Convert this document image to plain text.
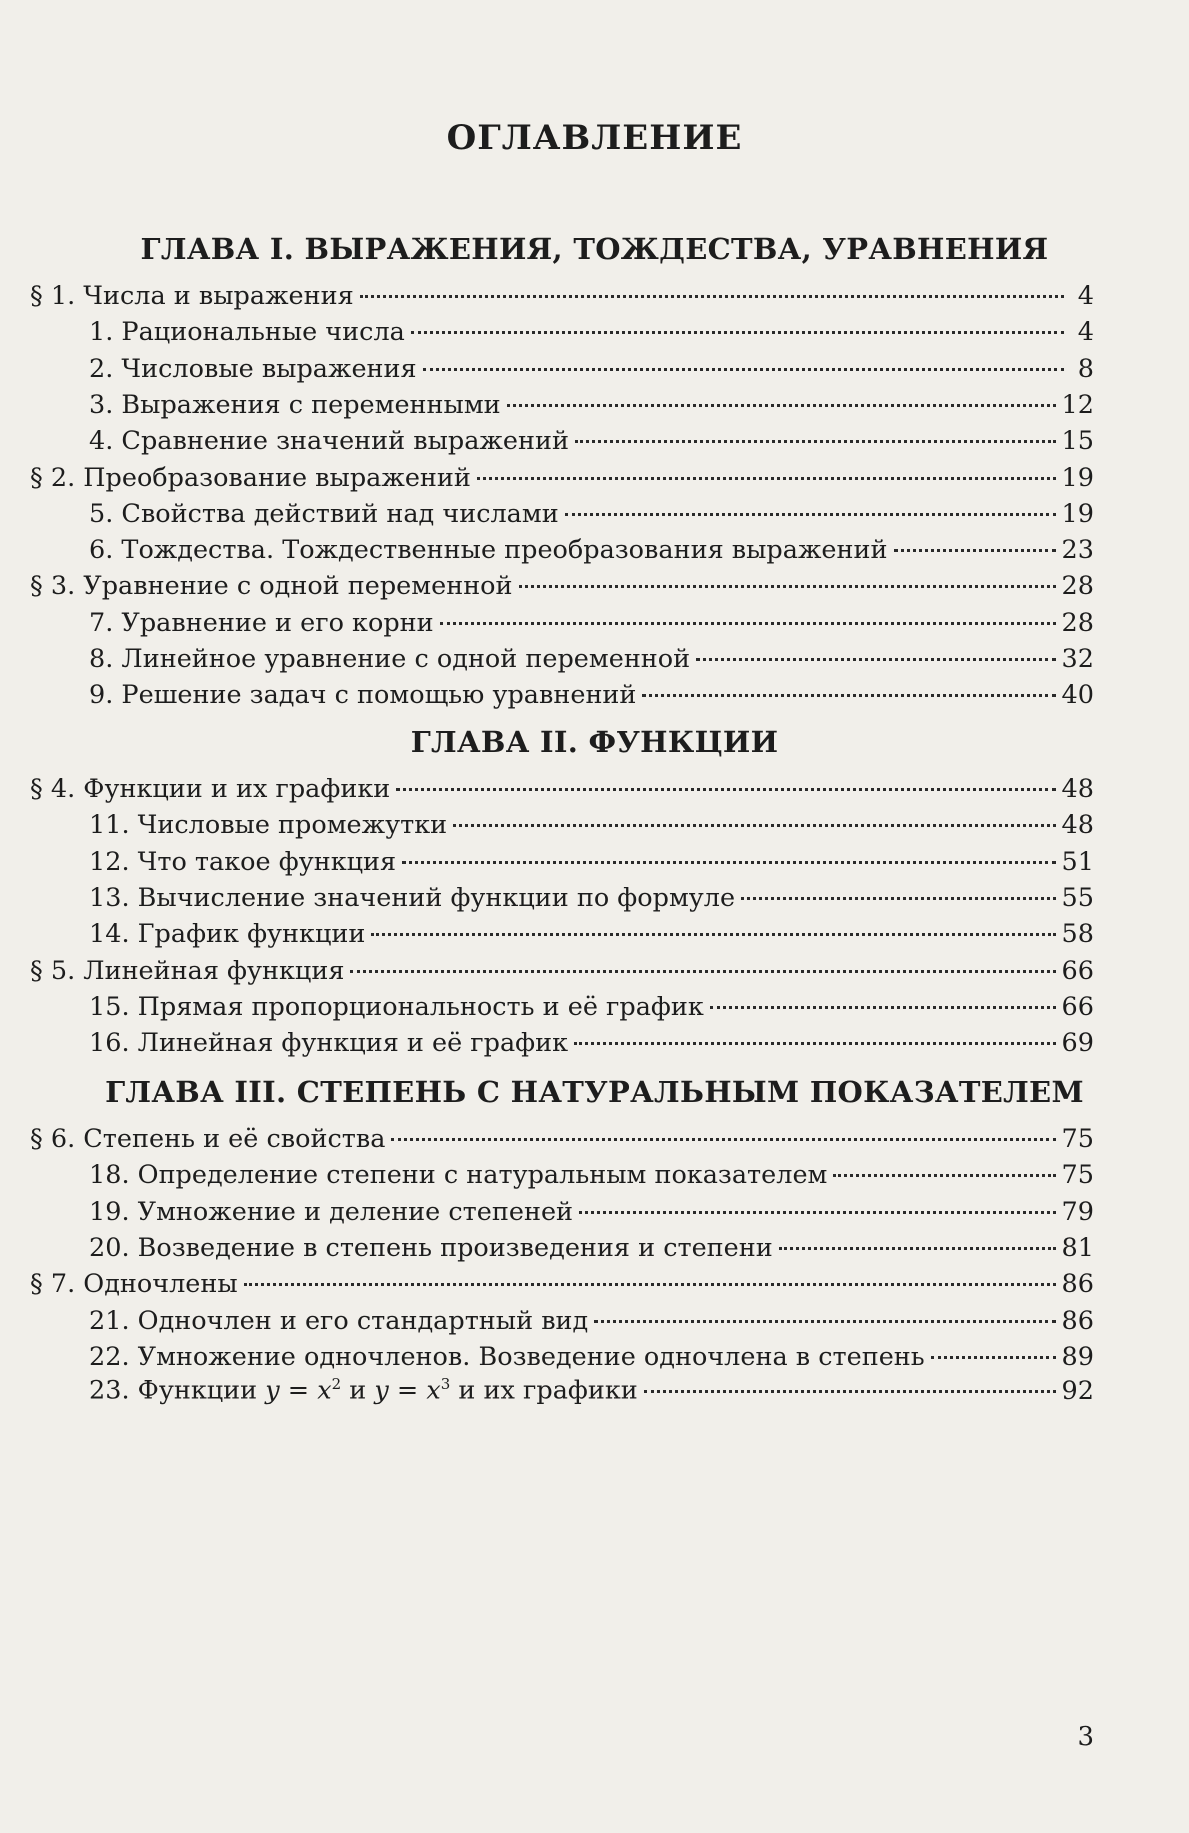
ОГЛАВЛЕНИЕ
ГЛАВА I. ВЫРАЖЕНИЯ, ТОЖДЕСТВА, УРАВНЕНИЯ
ГЛАВА II. ФУНКЦИИ
ГЛАВА III. СТЕПЕНЬ С НАТУРАЛЬНЫМ ПОКАЗАТЕЛЕМ
§ 1. Числа и выражения	4
1. Рациональные числа	4
2. Числовые выражения	8
3. Выражения с переменными	12
4. Сравнение значений выражений	15
§ 2. Преобразование выражений	19
5. Свойства действий над числами	19
6. Тождества. Тождественные преобразования выражений	23
§ 3. Уравнение с одной переменной	28
7. Уравнение и его корни	28
8. Линейное уравнение с одной переменной	32
9. Решение задач с помощью уравнений	40
§ 4. Функции и их графики	48
11. Числовые промежутки	48
12. Что такое функция	51
13. Вычисление значений функции по формуле	55
14. График функции	58
§ 5. Линейная функция	66
15. Прямая пропорциональность и её график	66
16. Линейная функция и её график	69
§ 6. Степень и её свойства	75
18. Определение степени с натуральным показателем	75
19. Умножение и деление степеней	79
20. Возведение в степень произведения и степени	81
§ 7. Одночлены	86
21. Одночлен и его стандартный вид	86
22. Умножение одночленов. Возведение одночлена в степень	89
23. Функции $y = x^2$ и $y = x^3$ и их графики	92
3
